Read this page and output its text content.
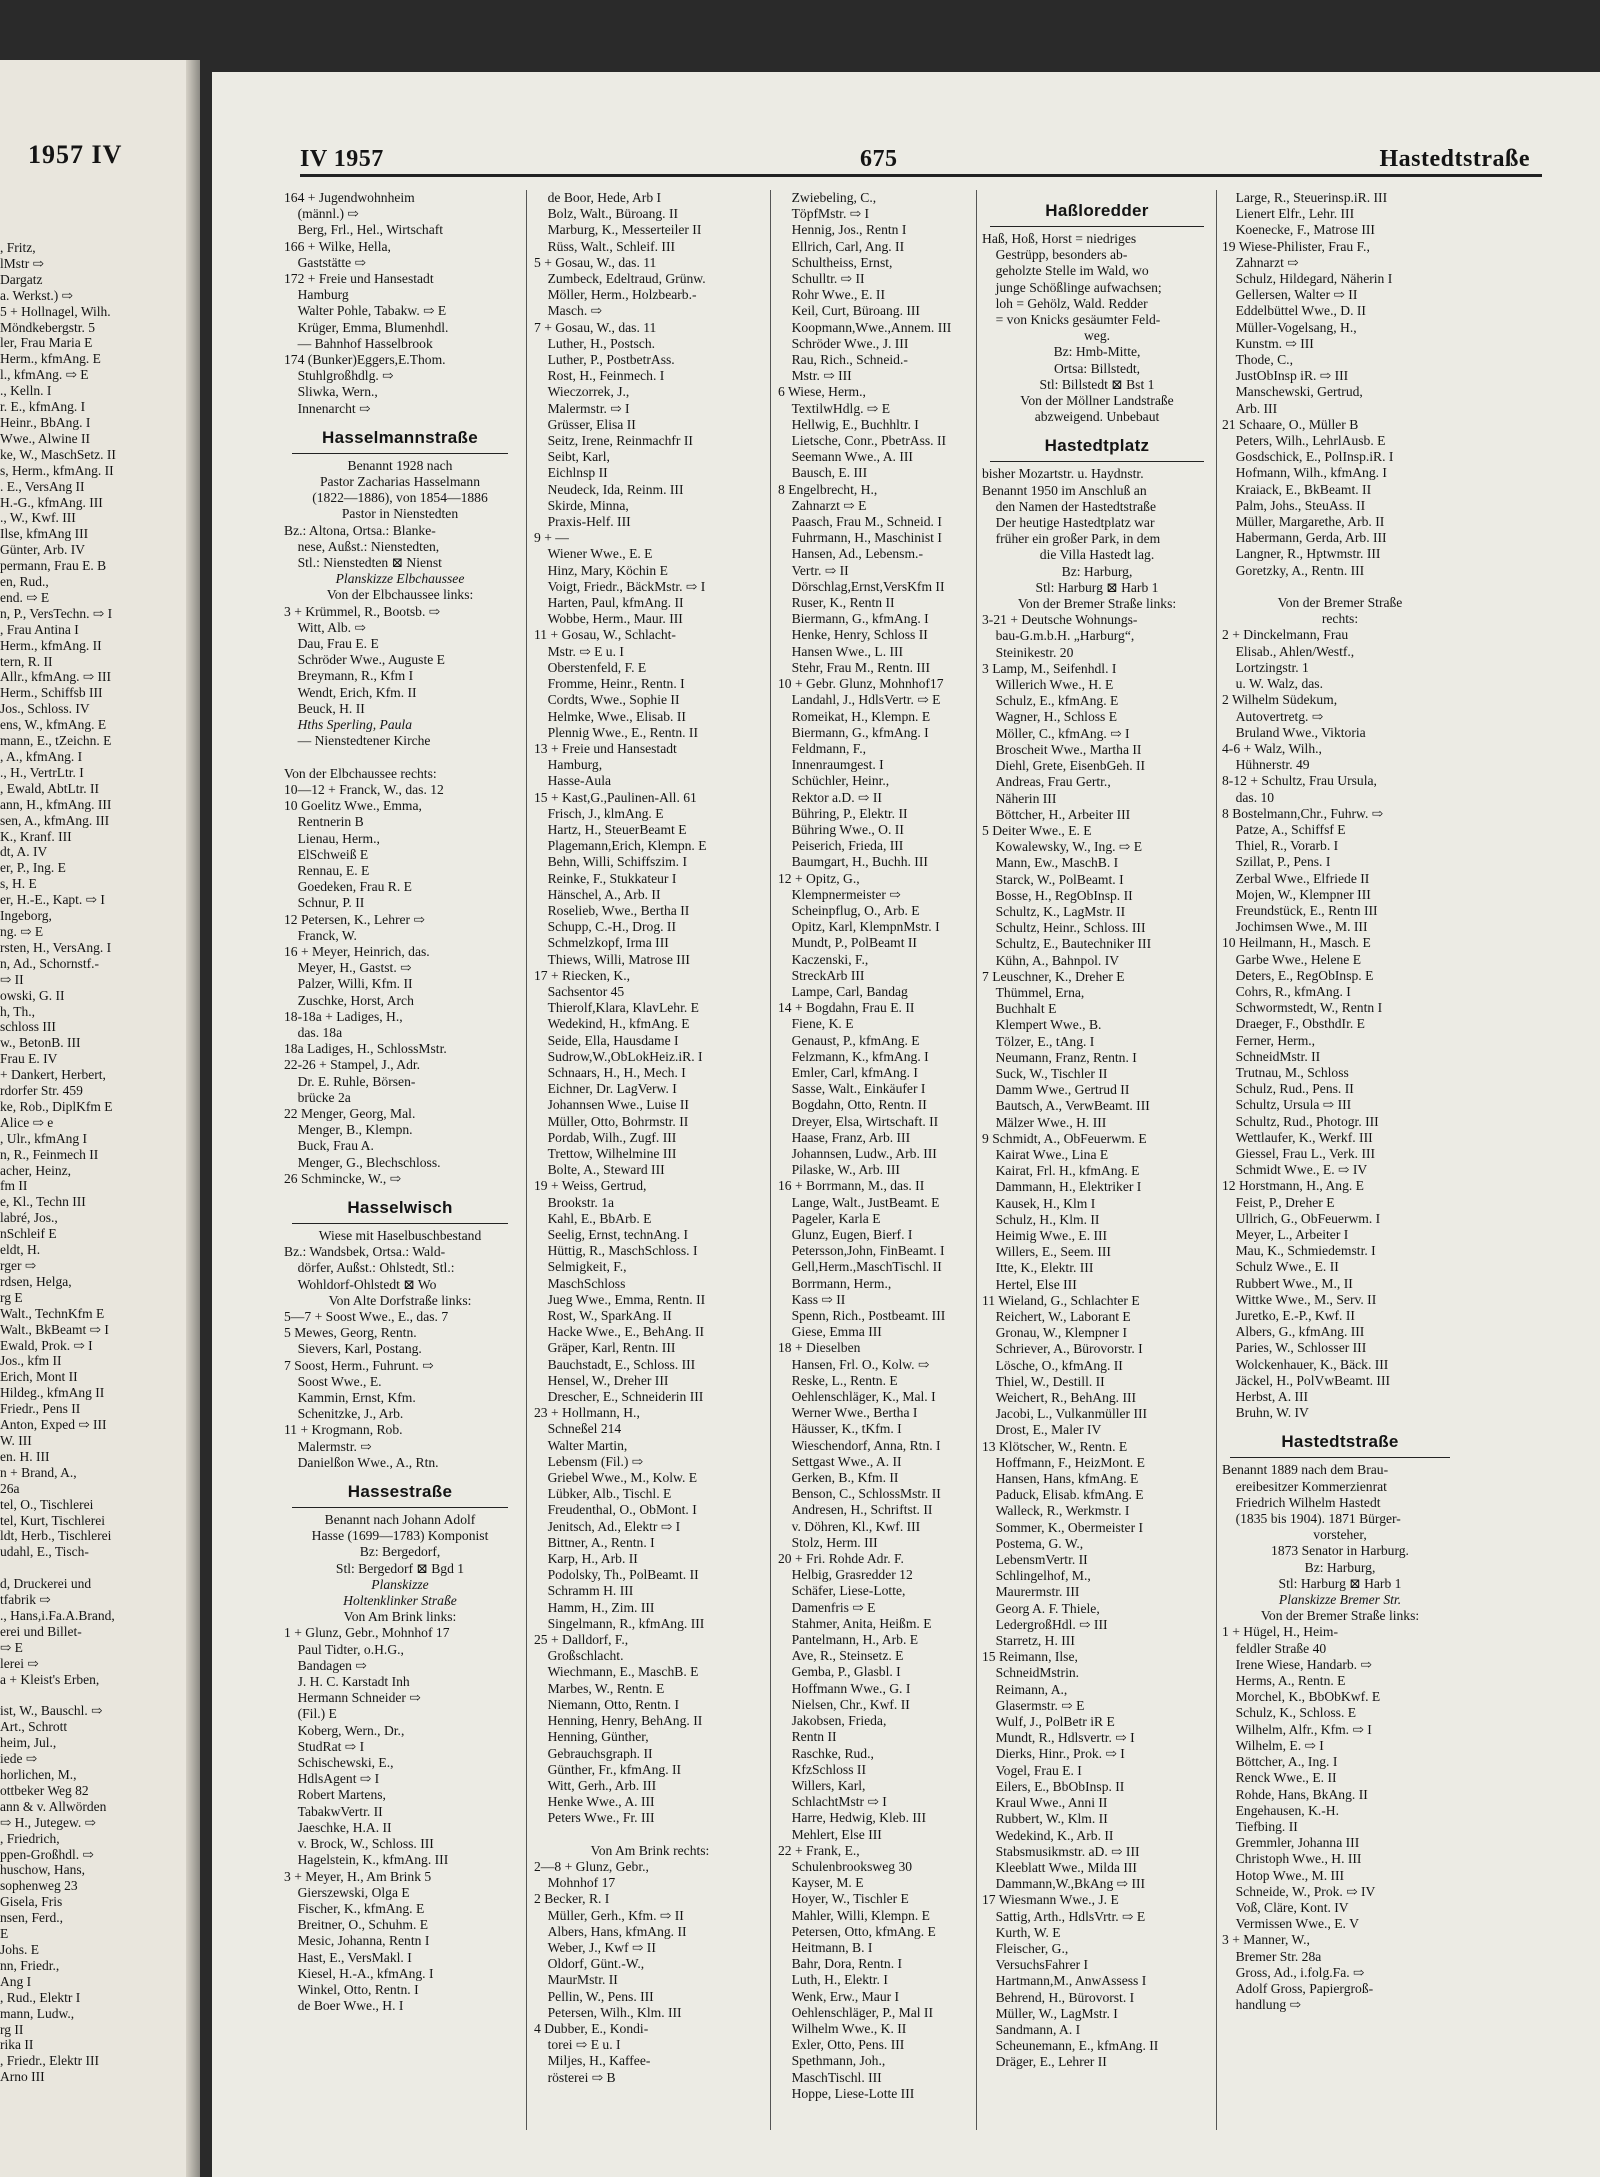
1957 IV
, Fritz,
lMstr ⇨
Dargatz
a. Werkst.) ⇨
5 + Hollnagel, Wilh.
Möndkebergstr. 5
ler, Frau Maria E
Herm., kfmAng. E
l., kfmAng. ⇨ E
., Kelln. I
r. E., kfmAng. I
Heinr., BbAng. I
Wwe., Alwine II
ke, W., MaschSetz. II
s, Herm., kfmAng. II
. E., VersAng II
H.-G., kfmAng. III
., W., Kwf. III
Ilse, kfmAng III
Günter, Arb. IV
permann, Frau E. B
en, Rud.,
end. ⇨ E
n, P., VersTechn. ⇨ I
, Frau Antina I
Herm., kfmAng. II
tern, R. II
Allr., kfmAng. ⇨ III
Herm., Schiffsb III
Jos., Schloss. IV
ens, W., kfmAng. E
mann, E., tZeichn. E
, A., kfmAng. I
., H., VertrLtr. I
, Ewald, AbtLtr. II
ann, H., kfmAng. III
sen, A., kfmAng. III
K., Kranf. III
dt, A. IV
er, P., Ing. E
s, H. E
er, H.-E., Kapt. ⇨ I
Ingeborg,
ng. ⇨ E
rsten, H., VersAng. I
n, Ad., Schornstf.-
⇨ II
owski, G. II
h, Th.,
schloss III
w., BetonB. III
Frau E. IV
+ Dankert, Herbert,
rdorfer Str. 459
ke, Rob., DiplKfm E
Alice ⇨ e
, Ulr., kfmAng I
n, R., Feinmech II
acher, Heinz,
fm II
e, Kl., Techn III
labré, Jos.,
nSchleif E
eldt, H.
rger ⇨
rdsen, Helga,
rg E
Walt., TechnKfm E
Walt., BkBeamt ⇨ I
Ewald, Prok. ⇨ I
Jos., kfm II
Erich, Mont II
Hildeg., kfmAng II
Friedr., Pens II
Anton, Exped ⇨ III
W. III
en. H. III
n + Brand, A.,
26a
tel, O., Tischlerei
tel, Kurt, Tischlerei
ldt, Herb., Tischlerei
udahl, E., Tisch-

d, Druckerei und
tfabrik ⇨
., Hans,i.Fa.A.Brand,
erei und Billet-
⇨ E
lerei ⇨
a + Kleist's Erben,

ist, W., Bauschl. ⇨
Art., Schrott
heim, Jul.,
iede ⇨
horlichen, M.,
ottbeker Weg 82
ann & v. Allwörden
⇨ H., Jutegew. ⇨
, Friedrich,
ppen-Großhdl. ⇨
huschow, Hans,
sophenweg 23
Gisela, Fris
nsen, Ferd.,
E
Johs. E
nn, Friedr.,
Ang I
, Rud., Elektr I
mann, Ludw.,
rg II
rika II
, Friedr., Elektr III
Arno III
IV 1957	675	Hastedtstraße
164 + Jugendwohnheim
 (männl.) ⇨
 Berg, Frl., Hel., Wirtschaft
166 + Wilke, Hella,
 Gaststätte ⇨
172 + Freie und Hansestadt
 Hamburg
 Walter Pohle, Tabakw. ⇨ E
 Krüger, Emma, Blumenhdl.
 — Bahnhof Hasselbrook
174 (Bunker)Eggers,E.Thom.
 Stuhlgroßhdlg. ⇨
 Sliwka, Wern.,
 Innenarcht ⇨
Hasselmannstraße
Benannt 1928 nach
Pastor Zacharias Hasselmann
(1822—1886), von 1854—1886
Pastor in Nienstedten
Bz.: Altona, Ortsa.: Blanke-
 nese, Außst.: Nienstedten,
 Stl.: Nienstedten ⊠ Nienst
Planskizze Elbchaussee
Von der Elbchaussee links:
3 + Krümmel, R., Bootsb. ⇨
 Witt, Alb. ⇨
 Dau, Frau E. E
 Schröder Wwe., Auguste E
 Breymann, R., Kfm I
 Wendt, Erich, Kfm. II
 Beuck, H. II
 Hths Sperling, Paula
 — Nienstedtener Kirche

Von der Elbchaussee rechts:
10—12 + Franck, W., das. 12
10 Goelitz Wwe., Emma,
 Rentnerin B
 Lienau, Herm.,
 ElSchweiß E
 Rennau, E. E
 Goedeken, Frau R. E
 Schnur, P. II
12 Petersen, K., Lehrer ⇨
 Franck, W.
16 + Meyer, Heinrich, das.
 Meyer, H., Gastst. ⇨
 Palzer, Willi, Kfm. II
 Zuschke, Horst, Arch
18-18a + Ladiges, H.,
 das. 18a
18a Ladiges, H., SchlossMstr.
22-26 + Stampel, J., Adr.
 Dr. E. Ruhle, Börsen-
 brücke 2a
22 Menger, Georg, Mal.
 Menger, B., Klempn.
 Buck, Frau A.
 Menger, G., Blechschloss.
26 Schmincke, W., ⇨
Hasselwisch
Wiese mit Haselbuschbestand
Bz.: Wandsbek, Ortsa.: Wald-
 dörfer, Außst.: Ohlstedt, Stl.:
 Wohldorf-Ohlstedt ⊠ Wo
Von Alte Dorfstraße links:
5—7 + Soost Wwe., E., das. 7
5 Mewes, Georg, Rentn.
 Sievers, Karl, Postang.
7 Soost, Herm., Fuhrunt. ⇨
 Soost Wwe., E.
 Kammin, Ernst, Kfm.
 Schenitzke, J., Arb.
11 + Krogmann, Rob.
 Malermstr. ⇨
 Danielßon Wwe., A., Rtn.
Hassestraße
Benannt nach Johann Adolf
Hasse (1699—1783) Komponist
Bz: Bergedorf,
Stl: Bergedorf ⊠ Bgd 1
Planskizze
Holtenklinker Straße
Von Am Brink links:
1 + Glunz, Gebr., Mohnhof 17
 Paul Tidter, o.H.G.,
 Bandagen ⇨
 J. H. C. Karstadt Inh
 Hermann Schneider ⇨
 (Fil.) E
 Koberg, Wern., Dr.,
 StudRat ⇨ I
 Schischewski, E.,
 HdlsAgent ⇨ I
 Robert Martens,
 TabakwVertr. II
 Jaeschke, H.A. II
 v. Brock, W., Schloss. III
 Hagelstein, K., kfmAng. III
3 + Meyer, H., Am Brink 5
 Gierszewski, Olga E
 Fischer, K., kfmAng. E
 Breitner, O., Schuhm. E
 Mesic, Johanna, Rentn I
 Hast, E., VersMakl. I
 Kiesel, H.-A., kfmAng. I
 Winkel, Otto, Rentn. I
 de Boer Wwe., H. I
 de Boor, Hede, Arb I
 Bolz, Walt., Büroang. II
 Marburg, K., Messerteiler II
 Rüss, Walt., Schleif. III
5 + Gosau, W., das. 11
 Zumbeck, Edeltraud, Grünw.
 Möller, Herm., Holzbearb.-
 Masch. ⇨
7 + Gosau, W., das. 11
 Luther, H., Postsch.
 Luther, P., PostbetrAss.
 Rost, H., Feinmech. I
 Wieczorrek, J.,
 Malermstr. ⇨ I
 Grüsser, Elisa II
 Seitz, Irene, Reinmachfr II
 Seibt, Karl,
 Eichlnsp II
 Neudeck, Ida, Reinm. III
 Skirde, Minna,
 Praxis-Helf. III
9 + —
 Wiener Wwe., E. E
 Hinz, Mary, Köchin E
 Voigt, Friedr., BäckMstr. ⇨ I
 Harten, Paul, kfmAng. II
 Wobbe, Herm., Maur. III
11 + Gosau, W., Schlacht-
 Mstr. ⇨ E u. I
 Oberstenfeld, F. E
 Fromme, Heinr., Rentn. I
 Cordts, Wwe., Sophie II
 Helmke, Wwe., Elisab. II
 Plennig Wwe., E., Rentn. II
13 + Freie und Hansestadt
 Hamburg,
 Hasse-Aula
15 + Kast,G.,Paulinen-All. 61
 Frisch, J., klmAng. E
 Hartz, H., SteuerBeamt E
 Plagemann,Erich, Klempn. E
 Behn, Willi, Schiffszim. I
 Reinke, F., Stukkateur I
 Hänschel, A., Arb. II
 Roselieb, Wwe., Bertha II
 Schupp, C.-H., Drog. II
 Schmelzkopf, Irma III
 Thiews, Willi, Matrose III
17 + Riecken, K.,
 Sachsentor 45
 Thierolf,Klara, KlavLehr. E
 Wedekind, H., kfmAng. E
 Seide, Ella, Hausdame I
 Sudrow,W.,ObLokHeiz.iR. I
 Schnaars, H., H., Mech. I
 Eichner, Dr. LagVerw. I
 Johannsen Wwe., Luise II
 Müller, Otto, Bohrmstr. II
 Pordab, Wilh., Zugf. III
 Trettow, Wilhelmine III
 Bolte, A., Steward III
19 + Weiss, Gertrud,
 Brookstr. 1a
 Kahl, E., BbArb. E
 Seelig, Ernst, technAng. I
 Hüttig, R., MaschSchloss. I
 Selmigkeit, F.,
 MaschSchloss
 Jueg Wwe., Emma, Rentn. II
 Rost, W., SparkAng. II
 Hacke Wwe., E., BehAng. II
 Gräper, Karl, Rentn. III
 Bauchstadt, E., Schloss. III
 Hensel, W., Dreher III
 Drescher, E., Schneiderin III
23 + Hollmann, H.,
 Schneßel 214
 Walter Martin,
 Lebensm (Fil.) ⇨
 Griebel Wwe., M., Kolw. E
 Lübker, Alb., Tischl. E
 Freudenthal, O., ObMont. I
 Jenitsch, Ad., Elektr ⇨ I
 Bittner, A., Rentn. I
 Karp, H., Arb. II
 Podolsky, Th., PolBeamt. II
 Schramm H. III
 Hamm, H., Zim. III
 Singelmann, R., kfmAng. III
25 + Dalldorf, F.,
 Großschlacht.
 Wiechmann, E., MaschB. E
 Marbes, W., Rentn. E
 Niemann, Otto, Rentn. I
 Henning, Henry, BehAng. II
 Henning, Günther,
 Gebrauchsgraph. II
 Günther, Fr., kfmAng. II
 Witt, Gerh., Arb. III
 Henke Wwe., A. III
 Peters Wwe., Fr. III

Von Am Brink rechts:
2—8 + Glunz, Gebr.,
 Mohnhof 17
2 Becker, R. I
 Müller, Gerh., Kfm. ⇨ II
 Albers, Hans, kfmAng. II
 Weber, J., Kwf ⇨ II
 Oldorf, Günt.-W.,
 MaurMstr. II
 Pellin, W., Pens. III
 Petersen, Wilh., Klm. III
4 Dubber, E., Kondi-
 torei ⇨ E u. I
 Miljes, H., Kaffee-
 rösterei ⇨ B
 Zwiebeling, C.,
 TöpfMstr. ⇨ I
 Hennig, Jos., Rentn I
 Ellrich, Carl, Ang. II
 Schultheiss, Ernst,
 Schulltr. ⇨ II
 Rohr Wwe., E. II
 Keil, Curt, Büroang. III
 Koopmann,Wwe.,Annem. III
 Schröder Wwe., J. III
 Rau, Rich., Schneid.-
 Mstr. ⇨ III
6 Wiese, Herm.,
 TextilwHdlg. ⇨ E
 Hellwig, E., Buchhltr. I
 Lietsche, Conr., PbetrAss. II
 Seemann Wwe., A. III
 Bausch, E. III
8 Engelbrecht, H.,
 Zahnarzt ⇨ E
 Paasch, Frau M., Schneid. I
 Fuhrmann, H., Maschinist I
 Hansen, Ad., Lebensm.-
 Vertr. ⇨ II
 Dörschlag,Ernst,VersKfm II
 Ruser, K., Rentn II
 Biermann, G., kfmAng. I
 Henke, Henry, Schloss II
 Hansen Wwe., L. III
 Stehr, Frau M., Rentn. III
10 + Gebr. Glunz, Mohnhof17
 Landahl, J., HdlsVertr. ⇨ E
 Romeikat, H., Klempn. E
 Biermann, G., kfmAng. I
 Feldmann, F.,
 Innenraumgest. I
 Schüchler, Heinr.,
 Rektor a.D. ⇨ II
 Bühring, P., Elektr. II
 Bühring Wwe., O. II
 Peiserich, Frieda, III
 Baumgart, H., Buchh. III
12 + Opitz, G.,
 Klempnermeister ⇨
 Scheinpflug, O., Arb. E
 Opitz, Karl, KlempnMstr. I
 Mundt, P., PolBeamt II
 Kaczenski, F.,
 StreckArb III
 Lampe, Carl, Bandag
14 + Bogdahn, Frau E. II
 Fiene, K. E
 Genaust, P., kfmAng. E
 Felzmann, K., kfmAng. I
 Emler, Carl, kfmAng. I
 Sasse, Walt., Einkäufer I
 Bogdahn, Otto, Rentn. II
 Dreyer, Elsa, Wirtschaft. II
 Haase, Franz, Arb. III
 Johannsen, Ludw., Arb. III
 Pilaske, W., Arb. III
16 + Borrmann, M., das. II
 Lange, Walt., JustBeamt. E
 Pageler, Karla E
 Glunz, Eugen, Bierf. I
 Petersson,John, FinBeamt. I
 Gell,Herm.,MaschTischl. II
 Borrmann, Herm.,
 Kass ⇨ II
 Spenn, Rich., Postbeamt. III
 Giese, Emma III
18 + Dieselben
 Hansen, Frl. O., Kolw. ⇨
 Reske, L., Rentn. E
 Oehlenschläger, K., Mal. I
 Werner Wwe., Bertha I
 Häusser, K., tKfm. I
 Wieschendorf, Anna, Rtn. I
 Settgast Wwe., A. II
 Gerken, B., Kfm. II
 Benson, C., SchlossMstr. II
 Andresen, H., Schriftst. II
 v. Döhren, Kl., Kwf. III
 Stolz, Herm. III
20 + Fri. Rohde Adr. F.
 Helbig, Grasredder 12
 Schäfer, Liese-Lotte,
 Damenfris ⇨ E
 Stahmer, Anita, Heißm. E
 Pantelmann, H., Arb. E
 Ave, R., Steinsetz. E
 Gemba, P., Glasbl. I
 Hoffmann Wwe., G. I
 Nielsen, Chr., Kwf. II
 Jakobsen, Frieda,
 Rentn II
 Raschke, Rud.,
 KfzSchloss II
 Willers, Karl,
 SchlachtMstr ⇨ I
 Harre, Hedwig, Kleb. III
 Mehlert, Else III
22 + Frank, E.,
 Schulenbrooksweg 30
 Kayser, M. E
 Hoyer, W., Tischler E
 Mahler, Willi, Klempn. E
 Petersen, Otto, kfmAng. E
 Heitmann, B. I
 Bahr, Dora, Rentn. I
 Luth, H., Elektr. I
 Wenk, Erw., Maur I
 Oehlenschläger, P., Mal II
 Wilhelm Wwe., K. II
 Exler, Otto, Pens. III
 Spethmann, Joh.,
 MaschTischl. III
 Hoppe, Liese-Lotte III
Haßloredder
Haß, Hoß, Horst = niedriges
 Gestrüpp, besonders ab-
 geholzte Stelle im Wald, wo
 junge Schößlinge aufwachsen;
 loh = Gehölz, Wald. Redder
 = von Knicks gesäumter Feld-
weg.
Bz: Hmb-Mitte,
Ortsa: Billstedt,
Stl: Billstedt ⊠ Bst 1
Von der Möllner Landstraße
abzweigend. Unbebaut
Hastedtplatz
bisher Mozartstr. u. Haydnstr.
Benannt 1950 im Anschluß an
 den Namen der Hastedtstraße
 Der heutige Hastedtplatz war
 früher ein großer Park, in dem
die Villa Hastedt lag.
Bz: Harburg,
Stl: Harburg ⊠ Harb 1
Von der Bremer Straße links:
3-21 + Deutsche Wohnungs-
 bau-G.m.b.H. „Harburg“,
 Steinikestr. 20
3 Lamp, M., Seifenhdl. I
 Willerich Wwe., H. E
 Schulz, E., kfmAng. E
 Wagner, H., Schloss E
 Möller, C., kfmAng. ⇨ I
 Broscheit Wwe., Martha II
 Diehl, Grete, EisenbGeh. II
 Andreas, Frau Gertr.,
 Näherin III
 Böttcher, H., Arbeiter III
5 Deiter Wwe., E. E
 Kowalewsky, W., Ing. ⇨ E
 Mann, Ew., MaschB. I
 Starck, W., PolBeamt. I
 Bosse, H., RegObInsp. II
 Schultz, K., LagMstr. II
 Schultz, Heinr., Schloss. III
 Schultz, E., Bautechniker III
 Kühn, A., Bahnpol. IV
7 Leuschner, K., Dreher E
 Thümmel, Erna,
 Buchhalt E
 Klempert Wwe., B.
 Tölzer, E., tAng. I
 Neumann, Franz, Rentn. I
 Suck, W., Tischler II
 Damm Wwe., Gertrud II
 Bautsch, A., VerwBeamt. III
 Mälzer Wwe., H. III
9 Schmidt, A., ObFeuerwm. E
 Kairat Wwe., Lina E
 Kairat, Frl. H., kfmAng. E
 Dammann, H., Elektriker I
 Kausek, H., Klm I
 Schulz, H., Klm. II
 Heimig Wwe., E. III
 Willers, E., Seem. III
 Itte, K., Elektr. III
 Hertel, Else III
11 Wieland, G., Schlachter E
 Reichert, W., Laborant E
 Gronau, W., Klempner I
 Schriever, A., Bürovorstr. I
 Lösche, O., kfmAng. II
 Thiel, W., Destill. II
 Weichert, R., BehAng. III
 Jacobi, L., Vulkanmüller III
 Drost, E., Maler IV
13 Klötscher, W., Rentn. E
 Hoffmann, F., HeizMont. E
 Hansen, Hans, kfmAng. E
 Paduck, Elisab. kfmAng. E
 Walleck, R., Werkmstr. I
 Sommer, K., Obermeister I
 Postema, G. W.,
 LebensmVertr. II
 Schlingelhof, M.,
 Maurermstr. III
 Georg A. F. Thiele,
 LedergroßHdl. ⇨ III
 Starretz, H. III
15 Reimann, Ilse,
 SchneidMstrin.
 Reimann, A.,
 Glasermstr. ⇨ E
 Wulf, J., PolBetr iR E
 Mundt, R., Hdlsvertr. ⇨ I
 Dierks, Hinr., Prok. ⇨ I
 Vogel, Frau E. I
 Eilers, E., BbObInsp. II
 Kraul Wwe., Anni II
 Rubbert, W., Klm. II
 Wedekind, K., Arb. II
 Stabsmusikmstr. aD. ⇨ III
 Kleeblatt Wwe., Milda III
 Dammann,W.,BkAng ⇨ III
17 Wiesmann Wwe., J. E
 Sattig, Arth., HdlsVrtr. ⇨ E
 Kurth, W. E
 Fleischer, G.,
 VersuchsFahrer I
 Hartmann,M., AnwAssess I
 Behrend, H., Bürovorst. I
 Müller, W., LagMstr. I
 Sandmann, A. I
 Scheunemann, E., kfmAng. II
 Dräger, E., Lehrer II
 Large, R., Steuerinsp.iR. III
 Lienert Elfr., Lehr. III
 Koenecke, F., Matrose III
19 Wiese-Philister, Frau F.,
 Zahnarzt ⇨
 Schulz, Hildegard, Näherin I
 Gellersen, Walter ⇨ II
 Eddelbüttel Wwe., D. II
 Müller-Vogelsang, H.,
 Kunstm. ⇨ III
 Thode, C.,
 JustObInsp iR. ⇨ III
 Manschewski, Gertrud,
 Arb. III
21 Schaare, O., Müller B
 Peters, Wilh., LehrlAusb. E
 Gosdschick, E., PolInsp.iR. I
 Hofmann, Wilh., kfmAng. I
 Kraiack, E., BkBeamt. II
 Palm, Johs., SteuAss. II
 Müller, Margarethe, Arb. II
 Habermann, Gerda, Arb. III
 Langner, R., Hptwmstr. III
 Goretzky, A., Rentn. III

Von der Bremer Straße
rechts:
2 + Dinckelmann, Frau
 Elisab., Ahlen/Westf.,
 Lortzingstr. 1
 u. W. Walz, das.
2 Wilhelm Südekum,
 Autovertretg. ⇨
 Bruland Wwe., Viktoria
4-6 + Walz, Wilh.,
 Hühnerstr. 49
8-12 + Schultz, Frau Ursula,
 das. 10
8 Bostelmann,Chr., Fuhrw. ⇨
 Patze, A., Schiffsf E
 Thiel, R., Vorarb. I
 Szillat, P., Pens. I
 Zerbal Wwe., Elfriede II
 Mojen, W., Klempner III
 Freundstück, E., Rentn III
 Jochimsen Wwe., M. III
10 Heilmann, H., Masch. E
 Garbe Wwe., Helene E
 Deters, E., RegObInsp. E
 Cohrs, R., kfmAng. I
 Schwormstedt, W., Rentn I
 Draeger, F., ObsthdIr. E
 Ferner, Herm.,
 SchneidMstr. II
 Trutnau, M., Schloss
 Schulz, Rud., Pens. II
 Schultz, Ursula ⇨ III
 Schultz, Rud., Photogr. III
 Wettlaufer, K., Werkf. III
 Giessel, Frau L., Verk. III
 Schmidt Wwe., E. ⇨ IV
12 Horstmann, H., Ang. E
 Feist, P., Dreher E
 Ullrich, G., ObFeuerwm. I
 Meyer, L., Arbeiter I
 Mau, K., Schmiedemstr. I
 Schulz Wwe., E. II
 Rubbert Wwe., M., II
 Wittke Wwe., M., Serv. II
 Juretko, E.-P., Kwf. II
 Albers, G., kfmAng. III
 Paries, W., Schlosser III
 Wolckenhauer, K., Bäck. III
 Jäckel, H., PolVwBeamt. III
 Herbst, A. III
 Bruhn, W. IV
Hastedtstraße
Benannt 1889 nach dem Brau-
 ereibesitzer Kommerzienrat
 Friedrich Wilhelm Hastedt
 (1835 bis 1904). 1871 Bürger-
vorsteher,
1873 Senator in Harburg.
Bz: Harburg,
Stl: Harburg ⊠ Harb 1
Planskizze Bremer Str.
Von der Bremer Straße links:
1 + Hügel, H., Heim-
 feldler Straße 40
 Irene Wiese, Handarb. ⇨
 Herms, A., Rentn. E
 Morchel, K., BbObKwf. E
 Schulz, K., Schloss. E
 Wilhelm, Alfr., Kfm. ⇨ I
 Wilhelm, E. ⇨ I
 Böttcher, A., Ing. I
 Renck Wwe., E. II
 Rohde, Hans, BkAng. II
 Engehausen, K.-H.
 Tiefbing. II
 Gremmler, Johanna III
 Christoph Wwe., H. III
 Hotop Wwe., M. III
 Schneide, W., Prok. ⇨ IV
 Voß, Cläre, Kont. IV
 Vermissen Wwe., E. V
3 + Manner, W.,
 Bremer Str. 28a
 Gross, Ad., i.folg.Fa. ⇨
 Adolf Gross, Papiergroß-
 handlung ⇨
